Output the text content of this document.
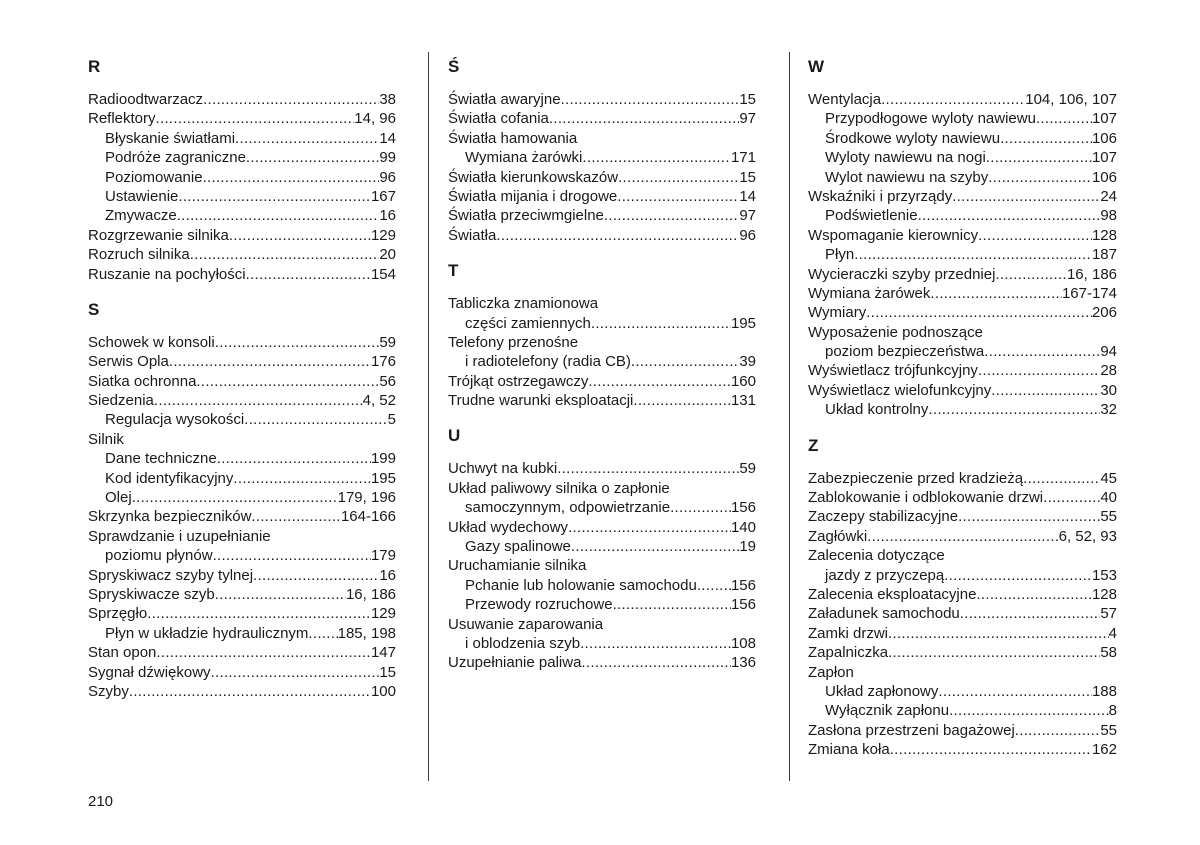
R
Radioodtwarzacz .....	38
Reflektory .....	14, 96
Błyskanie światłami .....	14
Podróże zagraniczne .....	99
Poziomowanie .....	96
Ustawienie .....	167
Zmywacze .....	16
Rozgrzewanie silnika .....	129
Rozruch silnika .....	20
Ruszanie na pochyłości .....	154
S
Schowek w konsoli .....	59
Serwis Opla .....	176
Siatka ochronna .....	56
Siedzenia .....	4, 52
Regulacja wysokości .....	5
Silnik
Dane techniczne .....	199
Kod identyfikacyjny .....	195
Olej .....	179, 196
Skrzynka bezpieczników .....	164-166
Sprawdzanie i uzupełnianie
poziomu płynów .....	179
Spryskiwacz szyby tylnej .....	16
Spryskiwacze szyb .....	16, 186
Sprzęgło .....	129
Płyn w układzie hydraulicznym ..... 185, 198
Stan opon .....	147
Sygnał dźwiękowy .....	15
Szyby .....	100
Ś
Światła awaryjne .....	15
Światła cofania .....	97
Światła hamowania
Wymiana żarówki .....	171
Światła kierunkowskazów .....	15
Światła mijania i drogowe .....	14
Światła przeciwmgielne .....	97
Światła .....	96
T
Tabliczka znamionowa
części zamiennych .....	195
Telefony przenośne
i radiotelefony (radia CB) .....	39
Trójkąt ostrzegawczy .....	160
Trudne warunki eksploatacji .....	131
U
Uchwyt na kubki .....	59
Układ paliwowy silnika o zapłonie
samoczynnym, odpowietrzanie .....	156
Układ wydechowy .....	140
Gazy spalinowe .....	19
Uruchamianie silnika
Pchanie lub holowanie samochodu ..... 156
Przewody rozruchowe .....	156
Usuwanie zaparowania
i oblodzenia szyb .....	108
Uzupełnianie paliwa .....	136
W
Wentylacja .....	104, 106, 107
Przypodłogowe wyloty nawiewu .....	107
Środkowe wyloty nawiewu .....	106
Wyloty nawiewu na nogi .....	107
Wylot nawiewu na szyby .....	106
Wskaźniki i przyrządy .....	24
Podświetlenie .....	98
Wspomaganie kierownicy .....	128
Płyn .....	187
Wycieraczki szyby przedniej .....	16, 186
Wymiana żarówek .....	167-174
Wymiary .....	206
Wyposażenie podnoszące
poziom bezpieczeństwa .....	94
Wyświetlacz trójfunkcyjny .....	28
Wyświetlacz wielofunkcyjny .....	30
Układ kontrolny .....	32
Z
Zabezpieczenie przed kradzieżą .....	45
Zablokowanie i odblokowanie drzwi .....	40
Zaczepy stabilizacyjne .....	55
Zagłówki .....	6, 52, 93
Zalecenia dotyczące
jazdy z przyczepą .....	153
Zalecenia eksploatacyjne .....	128
Załadunek samochodu .....	57
Zamki drzwi .....	4
Zapalniczka .....	58
Zapłon
Układ zapłonowy .....	188
Wyłącznik zapłonu .....	8
Zasłona przestrzeni bagażowej .....	55
Zmiana koła .....	162
210
